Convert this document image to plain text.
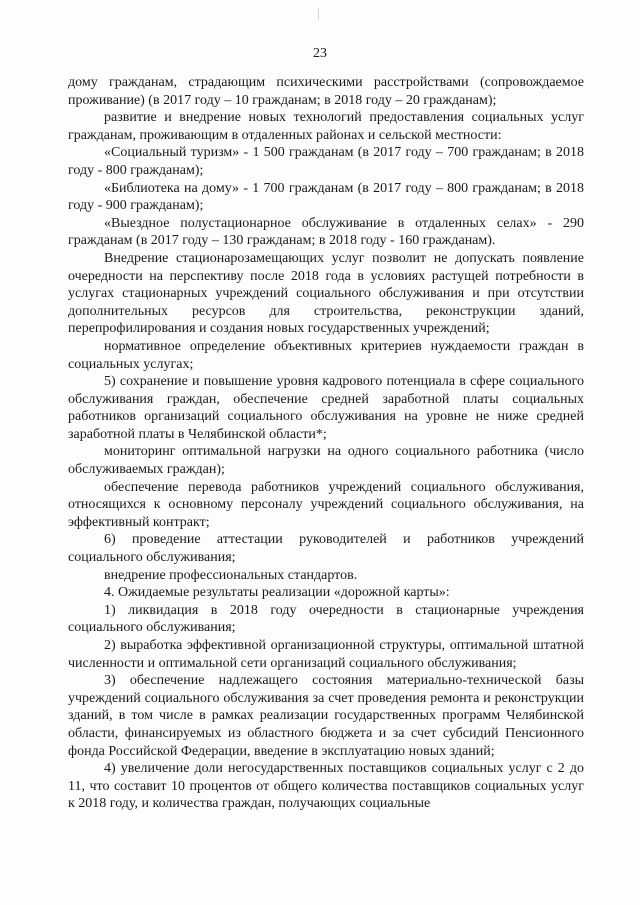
23

дому гражданам, страдающим психическими расстройствами (сопровождаемое проживание) (в 2017 году – 10 гражданам; в 2018 году – 20 гражданам);

развитие и внедрение новых технологий предоставления социальных услуг гражданам, проживающим в отдаленных районах и сельской местности:

«Социальный туризм» - 1 500 гражданам (в 2017 году – 700 гражданам; в 2018 году - 800 гражданам);

«Библиотека на дому» - 1 700 гражданам (в 2017 году – 800 гражданам; в 2018 году - 900 гражданам);

«Выездное полустационарное обслуживание в отдаленных селах» - 290 гражданам (в 2017 году – 130 гражданам; в 2018 году - 160 гражданам).

Внедрение стационарозамещающих услуг позволит не допускать появление очередности на перспективу после 2018 года в условиях растущей потребности в услугах стационарных учреждений социального обслуживания и при отсутствии дополнительных ресурсов для строительства, реконструкции зданий, перепрофилирования и создания новых государственных учреждений;

нормативное определение объективных критериев нуждаемости граждан в социальных услугах;

5) сохранение и повышение уровня кадрового потенциала в сфере социального обслуживания граждан, обеспечение средней заработной платы социальных работников организаций социального обслуживания на уровне не ниже средней заработной платы в Челябинской области*;

мониторинг оптимальной нагрузки на одного социального работника (число обслуживаемых граждан);

обеспечение перевода работников учреждений социального обслуживания, относящихся к основному персоналу учреждений социального обслуживания, на эффективный контракт;

6) проведение аттестации руководителей и работников учреждений социального обслуживания;

внедрение профессиональных стандартов.

4. Ожидаемые результаты реализации «дорожной карты»:

1) ликвидация в 2018 году очередности в стационарные учреждения социального обслуживания;

2) выработка эффективной организационной структуры, оптимальной штатной численности и оптимальной сети организаций социального обслуживания;

3) обеспечение надлежащего состояния материально-технической базы учреждений социального обслуживания за счет проведения ремонта и реконструкции зданий, в том числе в рамках реализации государственных программ Челябинской области, финансируемых из областного бюджета и за счет субсидий Пенсионного фонда Российской Федерации, введение в эксплуатацию новых зданий;

4) увеличение доли негосударственных поставщиков социальных услуг с 2 до 11, что составит 10 процентов от общего количества поставщиков социальных услуг к 2018 году, и количества граждан, получающих социальные
